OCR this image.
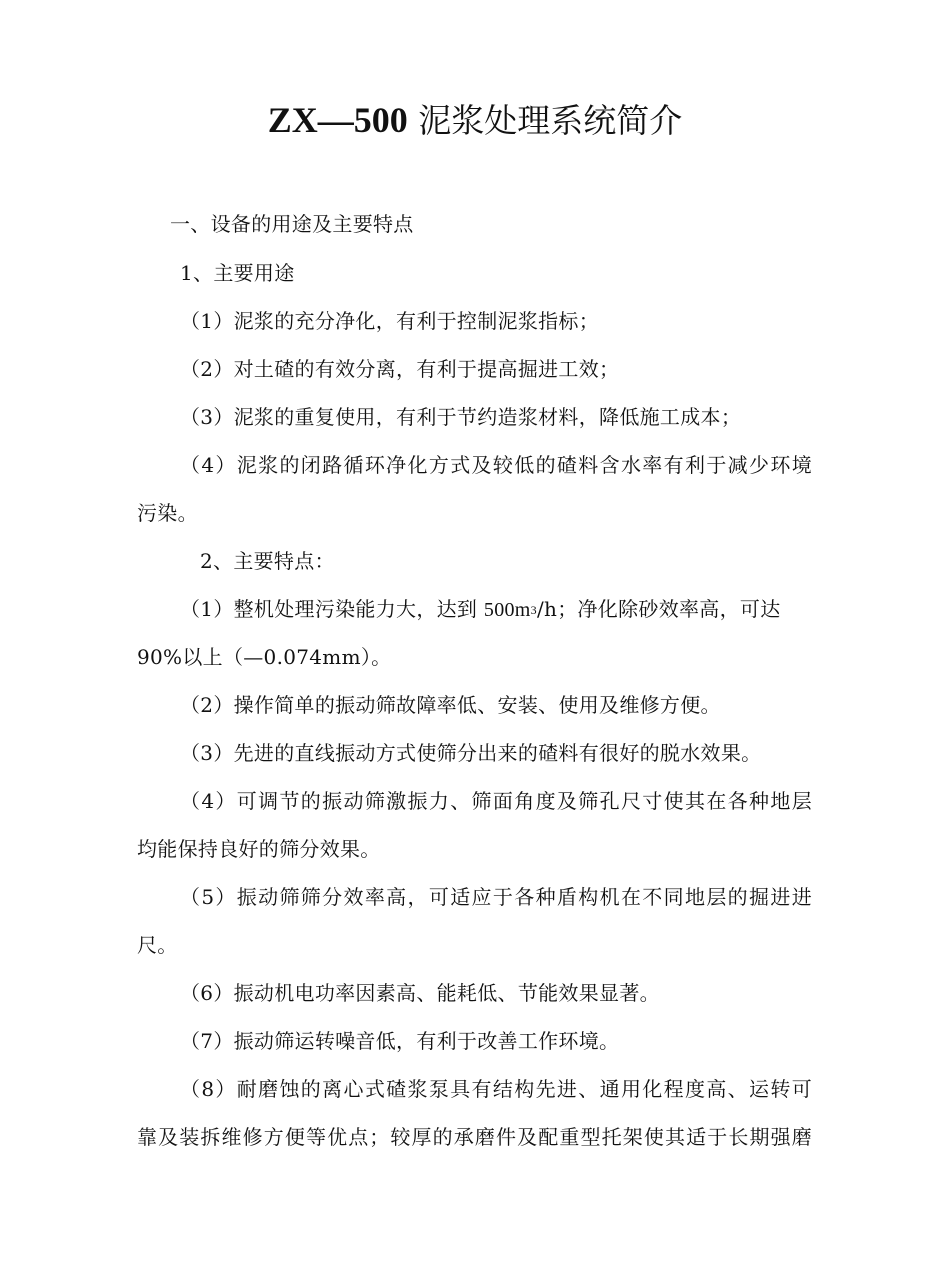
ZX—500 泥浆处理系统简介
一、设备的用途及主要特点
1、主要用途
（1）泥浆的充分净化，有利于控制泥浆指标；
（2）对土碴的有效分离，有利于提高掘进工效；
（3）泥浆的重复使用，有利于节约造浆材料，降低施工成本；
（4）泥浆的闭路循环净化方式及较低的碴料含水率有利于减少环境
污染。
2、主要特点：
（1）整机处理污染能力大，达到 $500m^3/h$；净化除砂效率高，可达
90%以上（—0.074mm）。
（2）操作简单的振动筛故障率低、安装、使用及维修方便。
（3）先进的直线振动方式使筛分出来的碴料有很好的脱水效果。
（4）可调节的振动筛激振力、筛面角度及筛孔尺寸使其在各种地层
均能保持良好的筛分效果。
（5）振动筛筛分效率高，可适应于各种盾构机在不同地层的掘进进
尺。
（6）振动机电功率因素高、能耗低、节能效果显著。
（7）振动筛运转噪音低，有利于改善工作环境。
（8）耐磨蚀的离心式碴浆泵具有结构先进、通用化程度高、运转可
靠及装拆维修方便等优点；较厚的承磨件及配重型托架使其适于长期强磨
